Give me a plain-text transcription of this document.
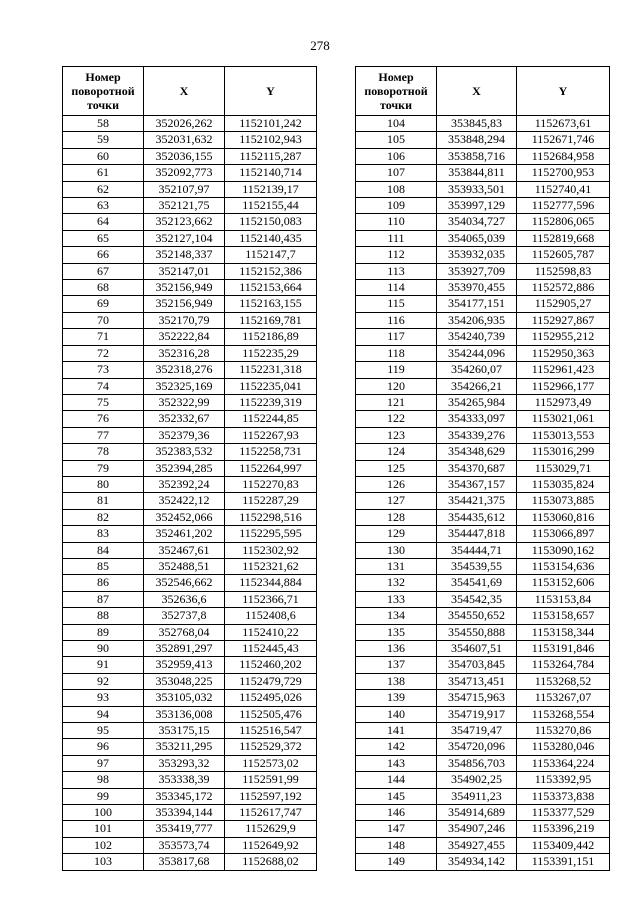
278
Номер поворотной точки	X	Y
58	352026,262	1152101,242
59	352031,632	1152102,943
60	352036,155	1152115,287
61	352092,773	1152140,714
62	352107,97	1152139,17
63	352121,75	1152155,44
64	352123,662	1152150,083
65	352127,104	1152140,435
66	352148,337	1152147,7
67	352147,01	1152152,386
68	352156,949	1152153,664
69	352156,949	1152163,155
70	352170,79	1152169,781
71	352222,84	1152186,89
72	352316,28	1152235,29
73	352318,276	1152231,318
74	352325,169	1152235,041
75	352322,99	1152239,319
76	352332,67	1152244,85
77	352379,36	1152267,93
78	352383,532	1152258,731
79	352394,285	1152264,997
80	352392,24	1152270,83
81	352422,12	1152287,29
82	352452,066	1152298,516
83	352461,202	1152295,595
84	352467,61	1152302,92
85	352488,51	1152321,62
86	352546,662	1152344,884
87	352636,6	1152366,71
88	352737,8	1152408,6
89	352768,04	1152410,22
90	352891,297	1152445,43
91	352959,413	1152460,202
92	353048,225	1152479,729
93	353105,032	1152495,026
94	353136,008	1152505,476
95	353175,15	1152516,547
96	353211,295	1152529,372
97	353293,32	1152573,02
98	353338,39	1152591,99
99	353345,172	1152597,192
100	353394,144	1152617,747
101	353419,777	1152629,9
102	353573,74	1152649,92
103	353817,68	1152688,02
Номер поворотной точки	X	Y
104	353845,83	1152673,61
105	353848,294	1152671,746
106	353858,716	1152684,958
107	353844,811	1152700,953
108	353933,501	1152740,41
109	353997,129	1152777,596
110	354034,727	1152806,065
111	354065,039	1152819,668
112	353932,035	1152605,787
113	353927,709	1152598,83
114	353970,455	1152572,886
115	354177,151	1152905,27
116	354206,935	1152927,867
117	354240,739	1152955,212
118	354244,096	1152950,363
119	354260,07	1152961,423
120	354266,21	1152966,177
121	354265,984	1152973,49
122	354333,097	1153021,061
123	354339,276	1153013,553
124	354348,629	1153016,299
125	354370,687	1153029,71
126	354367,157	1153035,824
127	354421,375	1153073,885
128	354435,612	1153060,816
129	354447,818	1153066,897
130	354444,71	1153090,162
131	354539,55	1153154,636
132	354541,69	1153152,606
133	354542,35	1153153,84
134	354550,652	1153158,657
135	354550,888	1153158,344
136	354607,51	1153191,846
137	354703,845	1153264,784
138	354713,451	1153268,52
139	354715,963	1153267,07
140	354719,917	1153268,554
141	354719,47	1153270,86
142	354720,096	1153280,046
143	354856,703	1153364,224
144	354902,25	1153392,95
145	354911,23	1153373,838
146	354914,689	1153377,529
147	354907,246	1153396,219
148	354927,455	1153409,442
149	354934,142	1153391,151
